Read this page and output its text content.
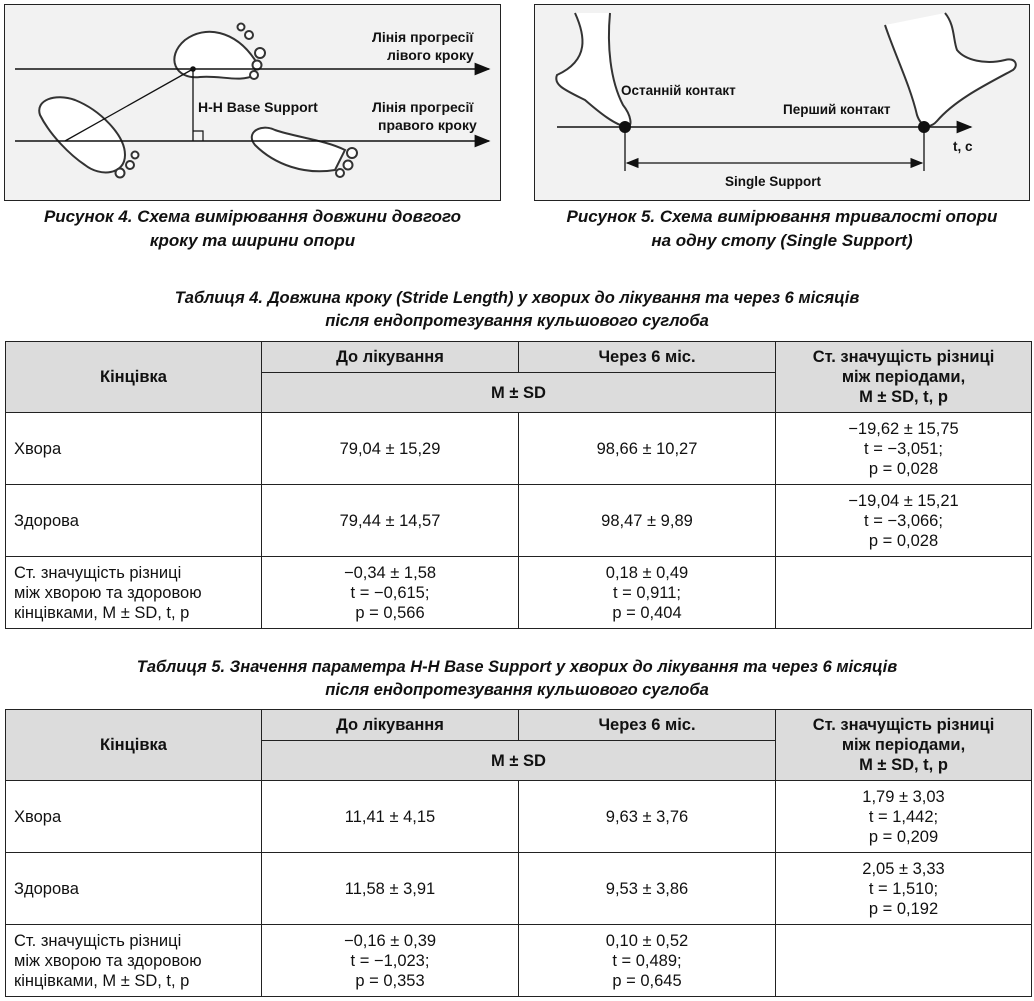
Лінія прогресії
лівого кроку
Лінія прогресії
правого кроку
H-H Base Support
Останній контакт
Перший контакт
t, с
Single Support
Рисунок 4. Схема вимірювання довжини довгого
кроку та ширини опори
Рисунок 5. Схема вимірювання тривалості опори
на одну стопу (Single Support)
Таблиця 4. Довжина кроку (Stride Length) у хворих до лікування та через 6 місяців
після ендопротезування кульшового суглоба
Кінцівка	До лікування	Через 6 міс.	Ст. значущість різниці
між періодами,
M ± SD, t, p
	M ± SD		
Хвора	79,04 ± 15,29	98,66 ± 10,27	−19,62 ± 15,75
t = −3,051;
p = 0,028
Здорова	79,44 ± 14,57	98,47 ± 9,89	−19,04 ± 15,21
t = −3,066;
p = 0,028
Ст. значущість різниці
між хворою та здоровою
кінцівками, M ± SD, t, p	−0,34 ± 1,58
t = −0,615;
p = 0,566	0,18 ± 0,49
t = 0,911;
p = 0,404	
Таблиця 5. Значення параметра H-H Base Support у хворих до лікування та через 6 місяців
після ендопротезування кульшового суглоба
Кінцівка	До лікування	Через 6 міс.	Ст. значущість різниці
між періодами,
M ± SD, t, p
	M ± SD		
Хвора	11,41 ± 4,15	9,63 ± 3,76	1,79 ± 3,03
t = 1,442;
p = 0,209
Здорова	11,58 ± 3,91	9,53 ± 3,86	2,05 ± 3,33
t = 1,510;
p = 0,192
Ст. значущість різниці
між хворою та здоровою
кінцівками, M ± SD, t, p	−0,16 ± 0,39
t = −1,023;
p = 0,353	0,10 ± 0,52
t = 0,489;
p = 0,645	
